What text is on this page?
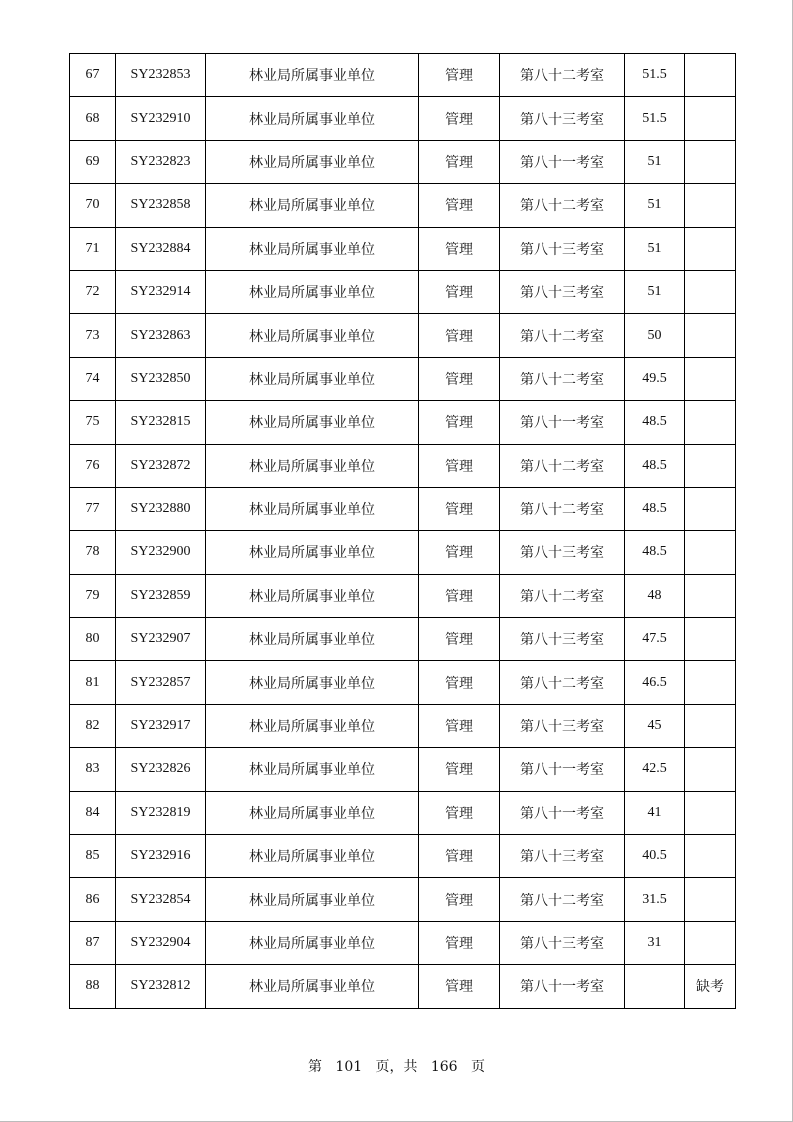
67	SY232853	林业局所属事业单位	管理	第八十二考室	51.5	
68	SY232910	林业局所属事业单位	管理	第八十三考室	51.5	
69	SY232823	林业局所属事业单位	管理	第八十一考室	51	
70	SY232858	林业局所属事业单位	管理	第八十二考室	51	
71	SY232884	林业局所属事业单位	管理	第八十三考室	51	
72	SY232914	林业局所属事业单位	管理	第八十三考室	51	
73	SY232863	林业局所属事业单位	管理	第八十二考室	50	
74	SY232850	林业局所属事业单位	管理	第八十二考室	49.5	
75	SY232815	林业局所属事业单位	管理	第八十一考室	48.5	
76	SY232872	林业局所属事业单位	管理	第八十二考室	48.5	
77	SY232880	林业局所属事业单位	管理	第八十二考室	48.5	
78	SY232900	林业局所属事业单位	管理	第八十三考室	48.5	
79	SY232859	林业局所属事业单位	管理	第八十二考室	48	
80	SY232907	林业局所属事业单位	管理	第八十三考室	47.5	
81	SY232857	林业局所属事业单位	管理	第八十二考室	46.5	
82	SY232917	林业局所属事业单位	管理	第八十三考室	45	
83	SY232826	林业局所属事业单位	管理	第八十一考室	42.5	
84	SY232819	林业局所属事业单位	管理	第八十一考室	41	
85	SY232916	林业局所属事业单位	管理	第八十三考室	40.5	
86	SY232854	林业局所属事业单位	管理	第八十二考室	31.5	
87	SY232904	林业局所属事业单位	管理	第八十三考室	31	
88	SY232812	林业局所属事业单位	管理	第八十一考室		缺考
第 101 页，共 166 页
